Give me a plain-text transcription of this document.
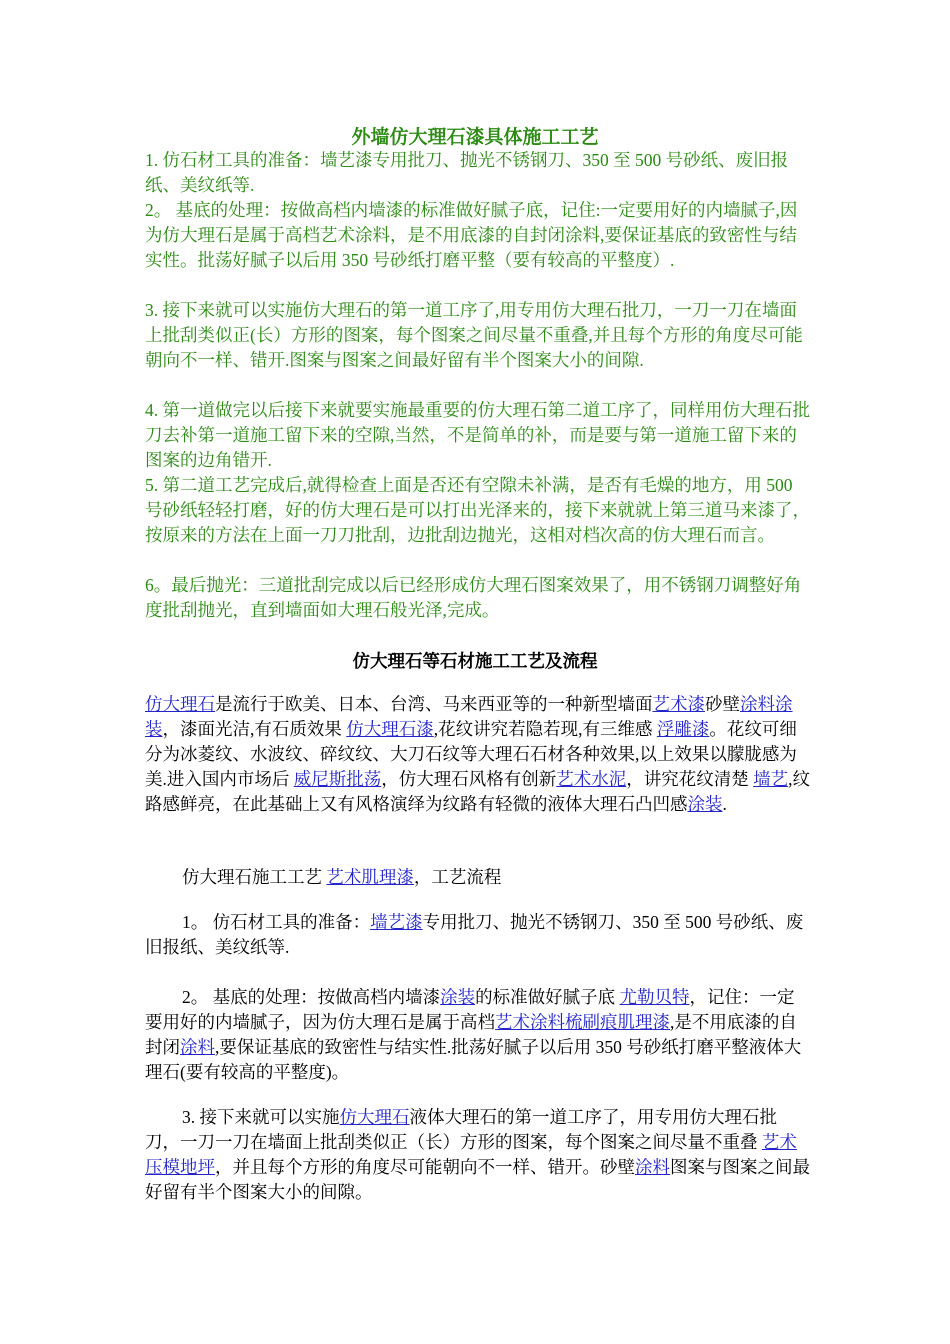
外墙仿大理石漆具体施工工艺

1. 仿石材工具的准备：墙艺漆专用批刀、抛光不锈钢刀、350 至 500 号砂纸、废旧报纸、美纹纸等.

2。 基底的处理：按做高档内墙漆的标准做好腻子底，记住:一定要用好的内墙腻子,因为仿大理石是属于高档艺术涂料，是不用底漆的自封闭涂料,要保证基底的致密性与结实性。批荡好腻子以后用 350 号砂纸打磨平整（要有较高的平整度）.

3. 接下来就可以实施仿大理石的第一道工序了,用专用仿大理石批刀，一刀一刀在墙面上批刮类似正(长）方形的图案，每个图案之间尽量不重叠,并且每个方形的角度尽可能朝向不一样、错开.图案与图案之间最好留有半个图案大小的间隙.

4. 第一道做完以后接下来就要实施最重要的仿大理石第二道工序了，同样用仿大理石批刀去补第一道施工留下来的空隙,当然，不是简单的补，而是要与第一道施工留下来的图案的边角错开.

5. 第二道工艺完成后,就得检查上面是否还有空隙未补满，是否有毛燥的地方，用 500 号砂纸轻轻打磨，好的仿大理石是可以打出光泽来的，接下来就就上第三道马来漆了，按原来的方法在上面一刀刀批刮，边批刮边抛光，这相对档次高的仿大理石而言。

6。最后抛光：三道批刮完成以后已经形成仿大理石图案效果了，用不锈钢刀调整好角度批刮抛光，直到墙面如大理石般光泽,完成。

仿大理石等石材施工工艺及流程

仿大理石是流行于欧美、日本、台湾、马来西亚等的一种新型墙面艺术漆砂壁涂料涂装，漆面光洁,有石质效果 仿大理石漆,花纹讲究若隐若现,有三维感 浮雕漆。花纹可细分为冰菱纹、水波纹、碎纹纹、大刀石纹等大理石石材各种效果,以上效果以朦胧感为美.进入国内市场后 威尼斯批荡，仿大理石风格有创新艺术水泥，讲究花纹清楚 墙艺,纹路感鲜亮，在此基础上又有风格演绎为纹路有轻微的液体大理石凸凹感涂装.

仿大理石施工工艺 艺术肌理漆，工艺流程

1。 仿石材工具的准备：墙艺漆专用批刀、抛光不锈钢刀、350 至 500 号砂纸、废旧报纸、美纹纸等.

2。 基底的处理：按做高档内墙漆涂装的标准做好腻子底 尤勒贝特，记住：一定要用好的内墙腻子，因为仿大理石是属于高档艺术涂料梳刷痕肌理漆,是不用底漆的自封闭涂料,要保证基底的致密性与结实性.批荡好腻子以后用 350 号砂纸打磨平整液体大理石(要有较高的平整度)。

3. 接下来就可以实施仿大理石液体大理石的第一道工序了，用专用仿大理石批刀，一刀一刀在墙面上批刮类似正（长）方形的图案，每个图案之间尽量不重叠 艺术压模地坪，并且每个方形的角度尽可能朝向不一样、错开。砂壁涂料图案与图案之间最好留有半个图案大小的间隙。
